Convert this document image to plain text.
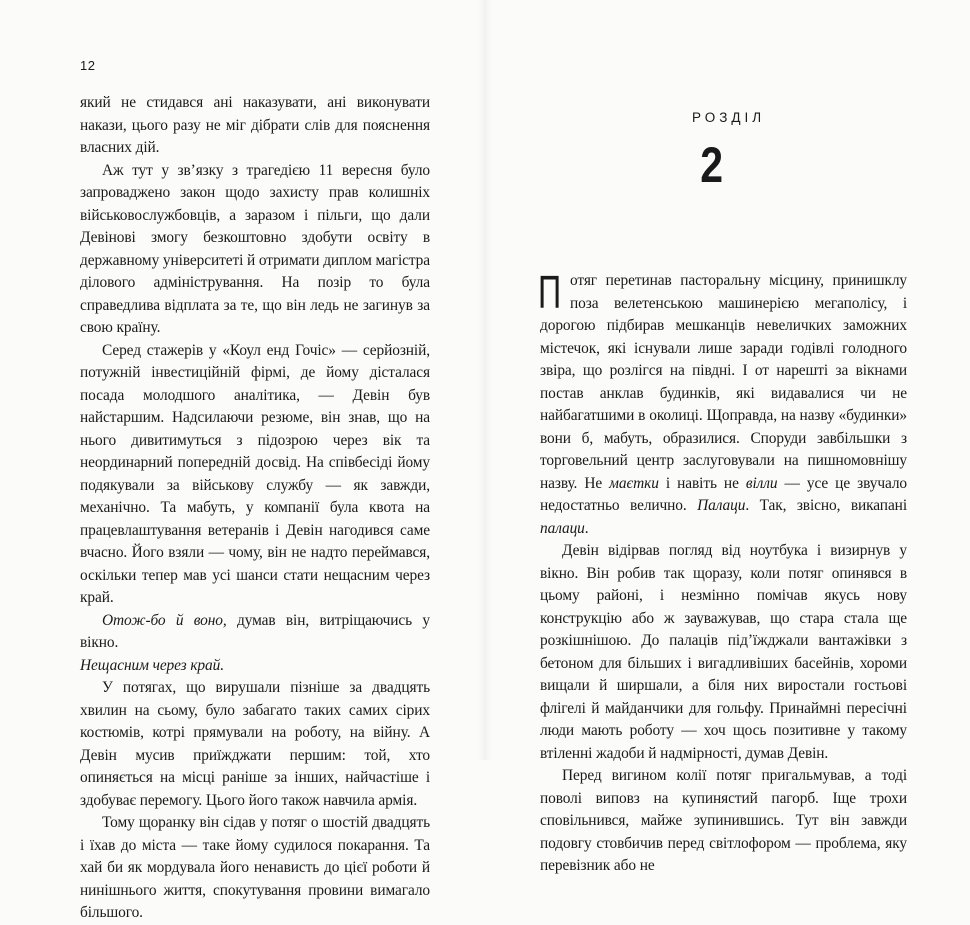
12

який не стидався ані наказувати, ані виконувати накази, цього разу не міг дібрати слів для пояснення власних дій.

Аж тут у зв’язку з трагедією 11 вересня було запроваджено закон щодо захисту прав колишніх військовослужбовців, а заразом і пільги, що дали Девінові змогу безкоштовно здобути освіту в державному університеті й отримати диплом магістра ділового адміністрування. На позір то була справедлива відплата за те, що він ледь не загинув за свою країну.

Серед стажерів у «Коул енд Гочіс» — серйозній, потужній інвестиційній фірмі, де йому дісталася посада молодшого аналітика, — Девін був найстаршим. Надсилаючи резюме, він знав, що на нього дивитимуться з підозрою через вік та неординарний попередній досвід. На співбесіді йому подякували за військову службу — як завжди, механічно. Та мабуть, у компанії була квота на працевлаштування ветеранів і Девін нагодився саме вчасно. Його взяли — чому, він не надто переймався, оскільки тепер мав усі шанси стати нещасним через край.

Отож-бо й воно, думав він, витріщаючись у вікно.

Нещасним через край.

У потягах, що вирушали пізніше за двадцять хвилин на сьому, було забагато таких самих сірих костюмів, котрі прямували на роботу, на війну. А Девін мусив приїжджати першим: той, хто опиняється на місці раніше за інших, найчастіше і здобуває перемогу. Цього його також навчила армія.

Тому щоранку він сідав у потяг о шостій двадцять і їхав до міста — таке йому судилося покарання. Та хай би як мордувала його ненависть до цієї роботи й нинішнього життя, спокутування провини вимагало більшого.

РОЗДІЛ
2

Потяг перетинав пасторальну місцину, принишклу поза велетенською машинерією мегаполісу, і дорогою підбирав мешканців невеличких заможних містечок, які існували лише заради годівлі голодного звіра, що розлігся на півдні. І от нарешті за вікнами постав анклав будинків, які видавалися чи не найбагатшими в околиці. Щоправда, на назву «будинки» вони б, мабуть, образилися. Споруди завбільшки з торговельний центр заслуговували на пишномовнішу назву. Не маєтки і навіть не вілли — усе це звучало недостатньо велично. Палаци. Так, звісно, викапані палаци.

Девін відірвав погляд від ноутбука і визирнув у вікно. Він робив так щоразу, коли потяг опинявся в цьому районі, і незмінно помічав якусь нову конструкцію або ж зауважував, що стара стала ще розкішнішою. До палаців під’їжджали вантажівки з бетоном для більших і вигадливіших басейнів, хороми вищали й ширшали, а біля них виростали гостьові флігелі й майданчики для гольфу. Принаймні пересічні люди мають роботу — хоч щось позитивне у такому втіленні жадоби й надмірності, думав Девін.

Перед вигином колії потяг пригальмував, а тоді поволі виповз на купинястий пагорб. Іще трохи сповільнився, майже зупинившись. Тут він завжди подовгу стовбичив перед світлофором — проблема, яку перевізник або не
